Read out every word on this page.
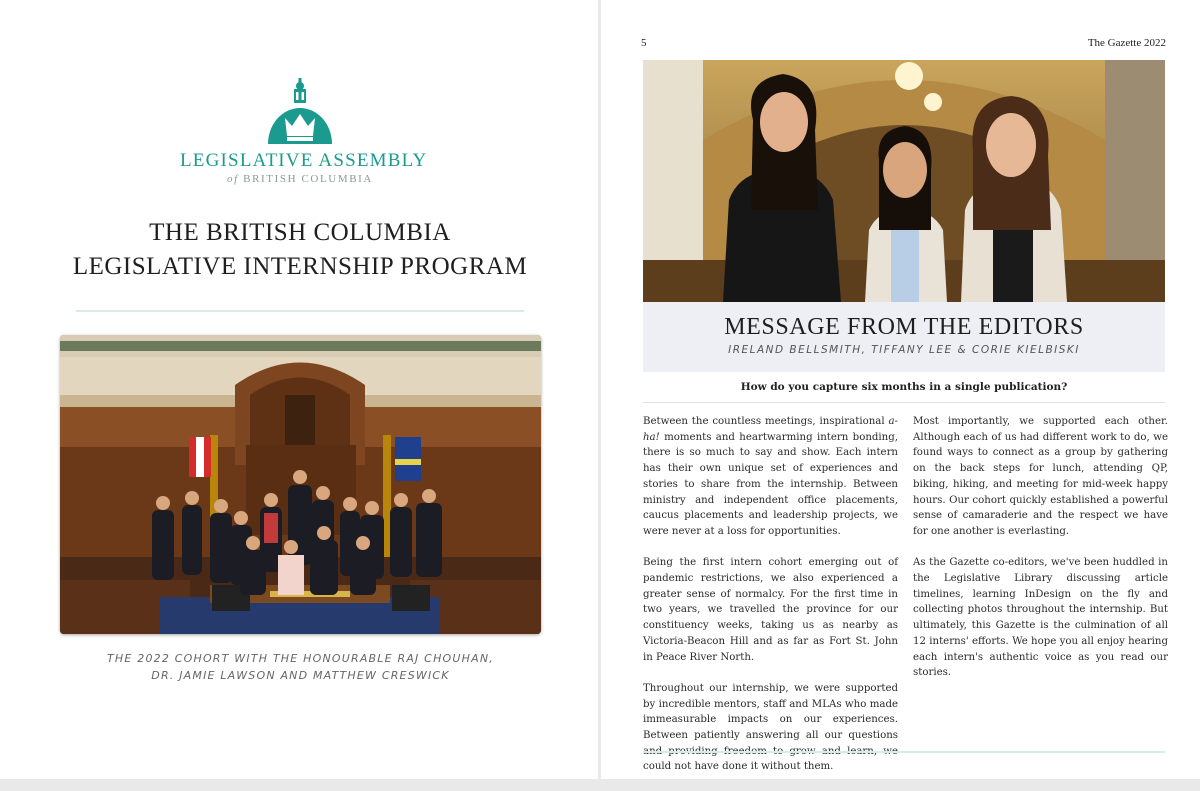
LEGISLATIVE ASSEMBLY
of BRITISH COLUMBIA
THE BRITISH COLUMBIA
LEGISLATIVE INTERNSHIP PROGRAM
THE 2022 COHORT WITH THE HONOURABLE RAJ CHOUHAN,
DR. JAMIE LAWSON AND MATTHEW CRESWICK
5	The Gazette 2022
MESSAGE FROM THE EDITORS
IRELAND BELLSMITH, TIFFANY LEE & CORIE KIELBISKI
How do you capture six months in a single publication?

Between the countless meetings, inspirational a-ha! moments and heartwarming intern bonding, there is so much to say and show. Each intern has their own unique set of experiences and stories to share from the internship. Between ministry and independent office placements, caucus placements and leadership projects, we were never at a loss for opportunities.

Being the first intern cohort emerging out of pandemic restrictions, we also experienced a greater sense of normalcy. For the first time in two years, we travelled the province for our constituency weeks, taking us as nearby as Victoria-Beacon Hill and as far as Fort St. John in Peace River North.

Throughout our internship, we were supported by incredible mentors, staff and MLAs who made immeasurable impacts on our experiences. Between patiently answering all our questions could not have done it without them.

Most importantly, we supported each other. Although each of us had different work to do, we found ways to connect as a group by gathering on the back steps for lunch, attending QP, biking, hiking, and meeting for mid-week happy hours. Our cohort quickly established a powerful sense of camaraderie and the respect we have for one another is everlasting.

As the Gazette co-editors, we've been huddled in the Legislative Library discussing article timelines, learning InDesign on the fly and collecting photos throughout the internship. But ultimately, this Gazette is the culmination of all 12 interns' efforts. We hope you all enjoy hearing each intern's authentic voice as you read our stories.
